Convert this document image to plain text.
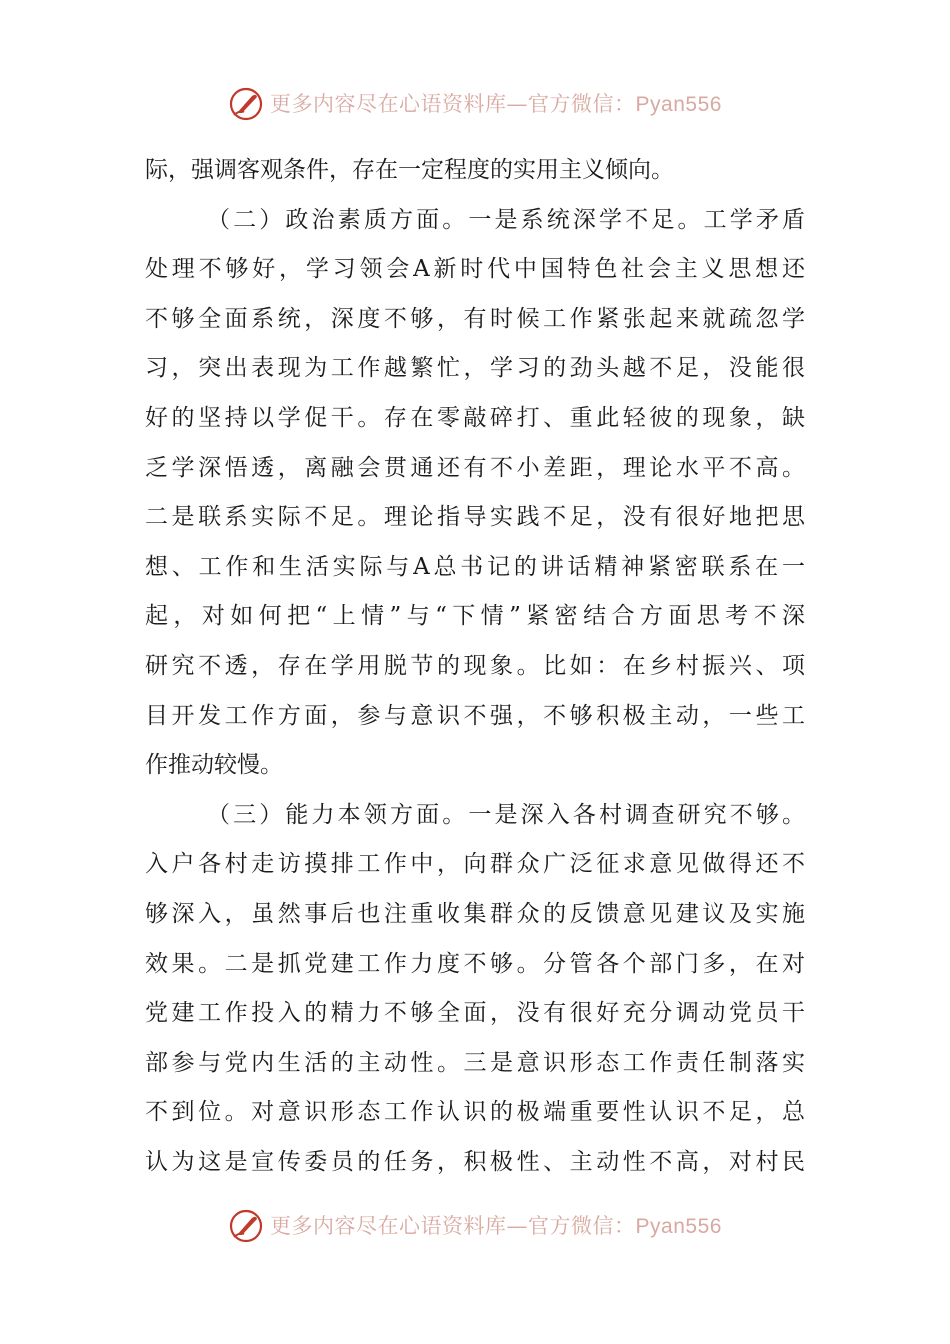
更多内容尽在心语资料库—官方微信：Pyan556
际，强调客观条件，存在一定程度的实用主义倾向。
（二）政治素质方面。一是系统深学不足。工学矛盾
处理不够好，学习领会A新时代中国特色社会主义思想还
不够全面系统，深度不够，有时候工作紧张起来就疏忽学
习，突出表现为工作越繁忙，学习的劲头越不足，没能很
好的坚持以学促干。存在零敲碎打、重此轻彼的现象，缺
乏学深悟透，离融会贯通还有不小差距，理论水平不高。
二是联系实际不足。理论指导实践不足，没有很好地把思
想、工作和生活实际与A总书记的讲话精神紧密联系在一
起，对如何把“上情”与“下情”紧密结合方面思考不深
研究不透，存在学用脱节的现象。比如：在乡村振兴、项
目开发工作方面，参与意识不强，不够积极主动，一些工
作推动较慢。
（三）能力本领方面。一是深入各村调查研究不够。
入户各村走访摸排工作中，向群众广泛征求意见做得还不
够深入，虽然事后也注重收集群众的反馈意见建议及实施
效果。二是抓党建工作力度不够。分管各个部门多，在对
党建工作投入的精力不够全面，没有很好充分调动党员干
部参与党内生活的主动性。三是意识形态工作责任制落实
不到位。对意识形态工作认识的极端重要性认识不足，总
认为这是宣传委员的任务，积极性、主动性不高，对村民
更多内容尽在心语资料库—官方微信：Pyan556
